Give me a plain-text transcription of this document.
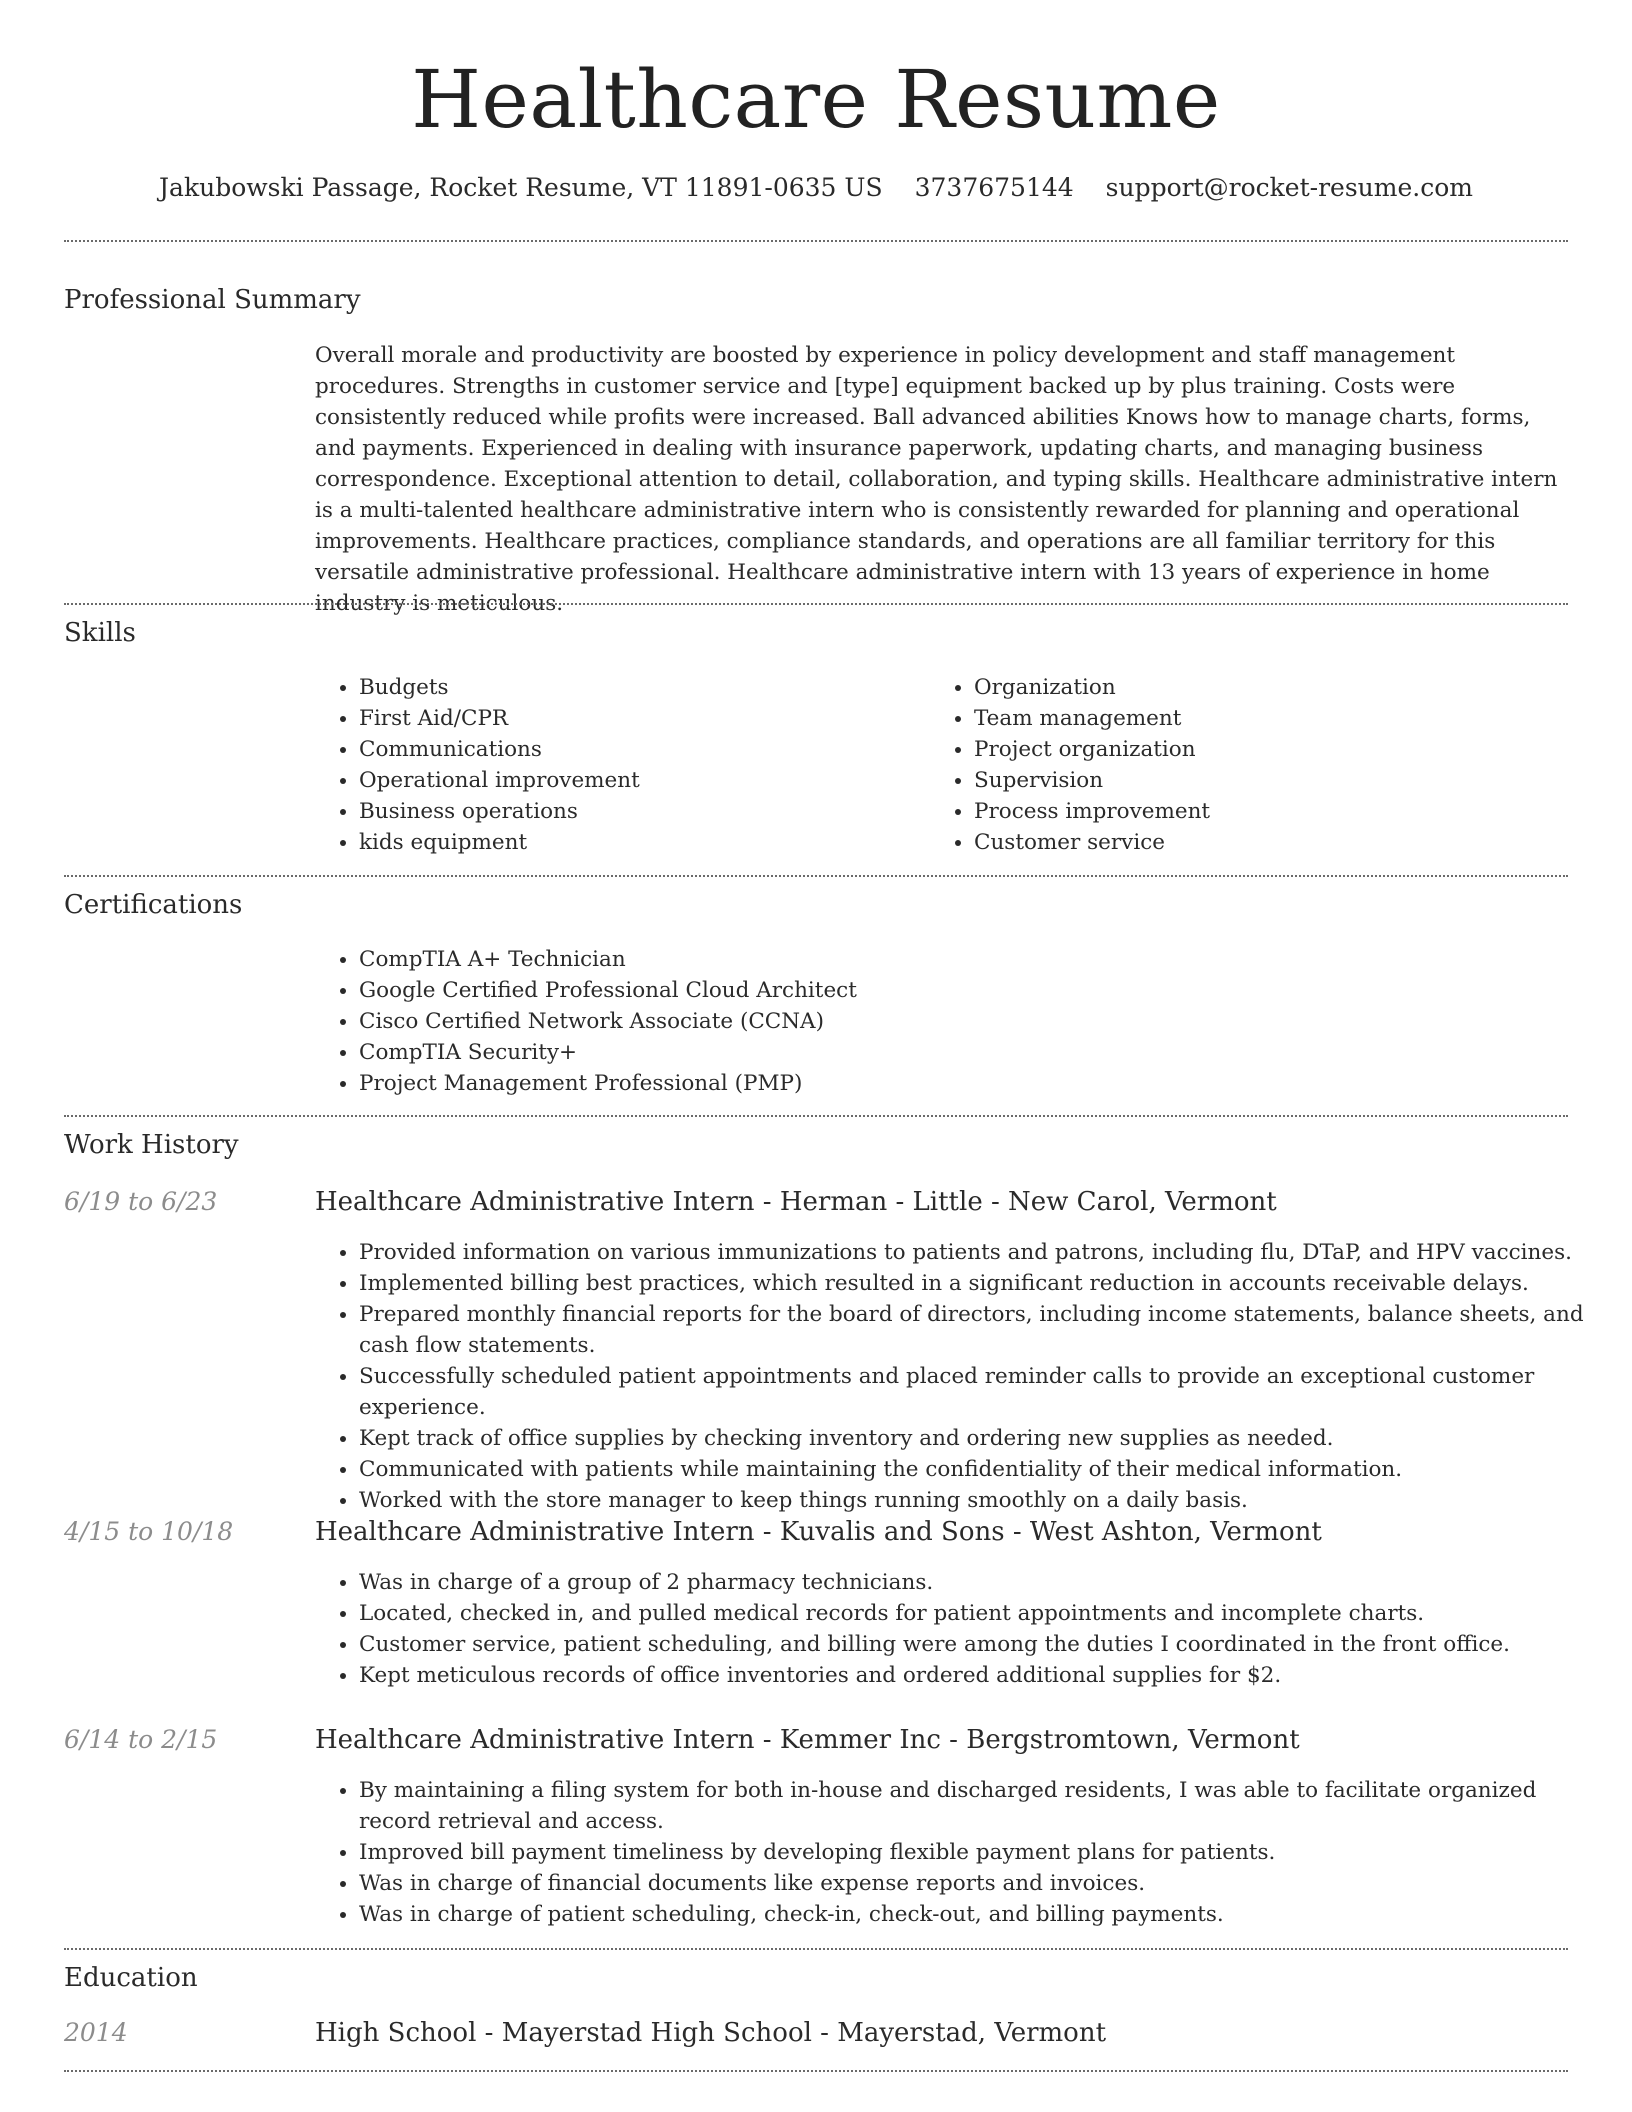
Healthcare Resume
Jakubowski Passage, Rocket Resume, VT 11891-0635 US 3737675144 support@rocket-resume.com
Professional Summary

Overall morale and productivity are boosted by experience in policy development and staff management procedures. Strengths in customer service and [type] equipment backed up by plus training. Costs were consistently reduced while profits were increased. Ball advanced abilities Knows how to manage charts, forms, and payments. Experienced in dealing with insurance paperwork, updating charts, and managing business correspondence. Exceptional attention to detail, collaboration, and typing skills. Healthcare administrative intern is a multi-talented healthcare administrative intern who is consistently rewarded for planning and operational improvements. Healthcare practices, compliance standards, and operations are all familiar territory for this versatile administrative professional. Healthcare administrative intern with 13 years of experience in home industry is meticulous.

Skills
• Budgets
• First Aid/CPR
• Communications
• Operational improvement
• Business operations
• kids equipment
• Organization
• Team management
• Project organization
• Supervision
• Process improvement
• Customer service
Certifications
• CompTIA A+ Technician
• Google Certified Professional Cloud Architect
• Cisco Certified Network Associate (CCNA)
• CompTIA Security+
• Project Management Professional (PMP)
Work History
6/19 to 6/23	Healthcare Administrative Intern - Herman - Little - New Carol, Vermont
• Provided information on various immunizations to patients and patrons, including flu, DTaP, and HPV vaccines.
• Implemented billing best practices, which resulted in a significant reduction in accounts receivable delays.
• Prepared monthly financial reports for the board of directors, including income statements, balance sheets, and cash flow statements.
• Successfully scheduled patient appointments and placed reminder calls to provide an exceptional customer experience.
• Kept track of office supplies by checking inventory and ordering new supplies as needed.
• Communicated with patients while maintaining the confidentiality of their medical information.
• Worked with the store manager to keep things running smoothly on a daily basis.
4/15 to 10/18	Healthcare Administrative Intern - Kuvalis and Sons - West Ashton, Vermont
• Was in charge of a group of 2 pharmacy technicians.
• Located, checked in, and pulled medical records for patient appointments and incomplete charts.
• Customer service, patient scheduling, and billing were among the duties I coordinated in the front office.
• Kept meticulous records of office inventories and ordered additional supplies for $2.
6/14 to 2/15	Healthcare Administrative Intern - Kemmer Inc - Bergstromtown, Vermont
• By maintaining a filing system for both in-house and discharged residents, I was able to facilitate organized record retrieval and access.
• Improved bill payment timeliness by developing flexible payment plans for patients.
• Was in charge of financial documents like expense reports and invoices.
• Was in charge of patient scheduling, check-in, check-out, and billing payments.
Education
2014	High School - Mayerstad High School - Mayerstad, Vermont
